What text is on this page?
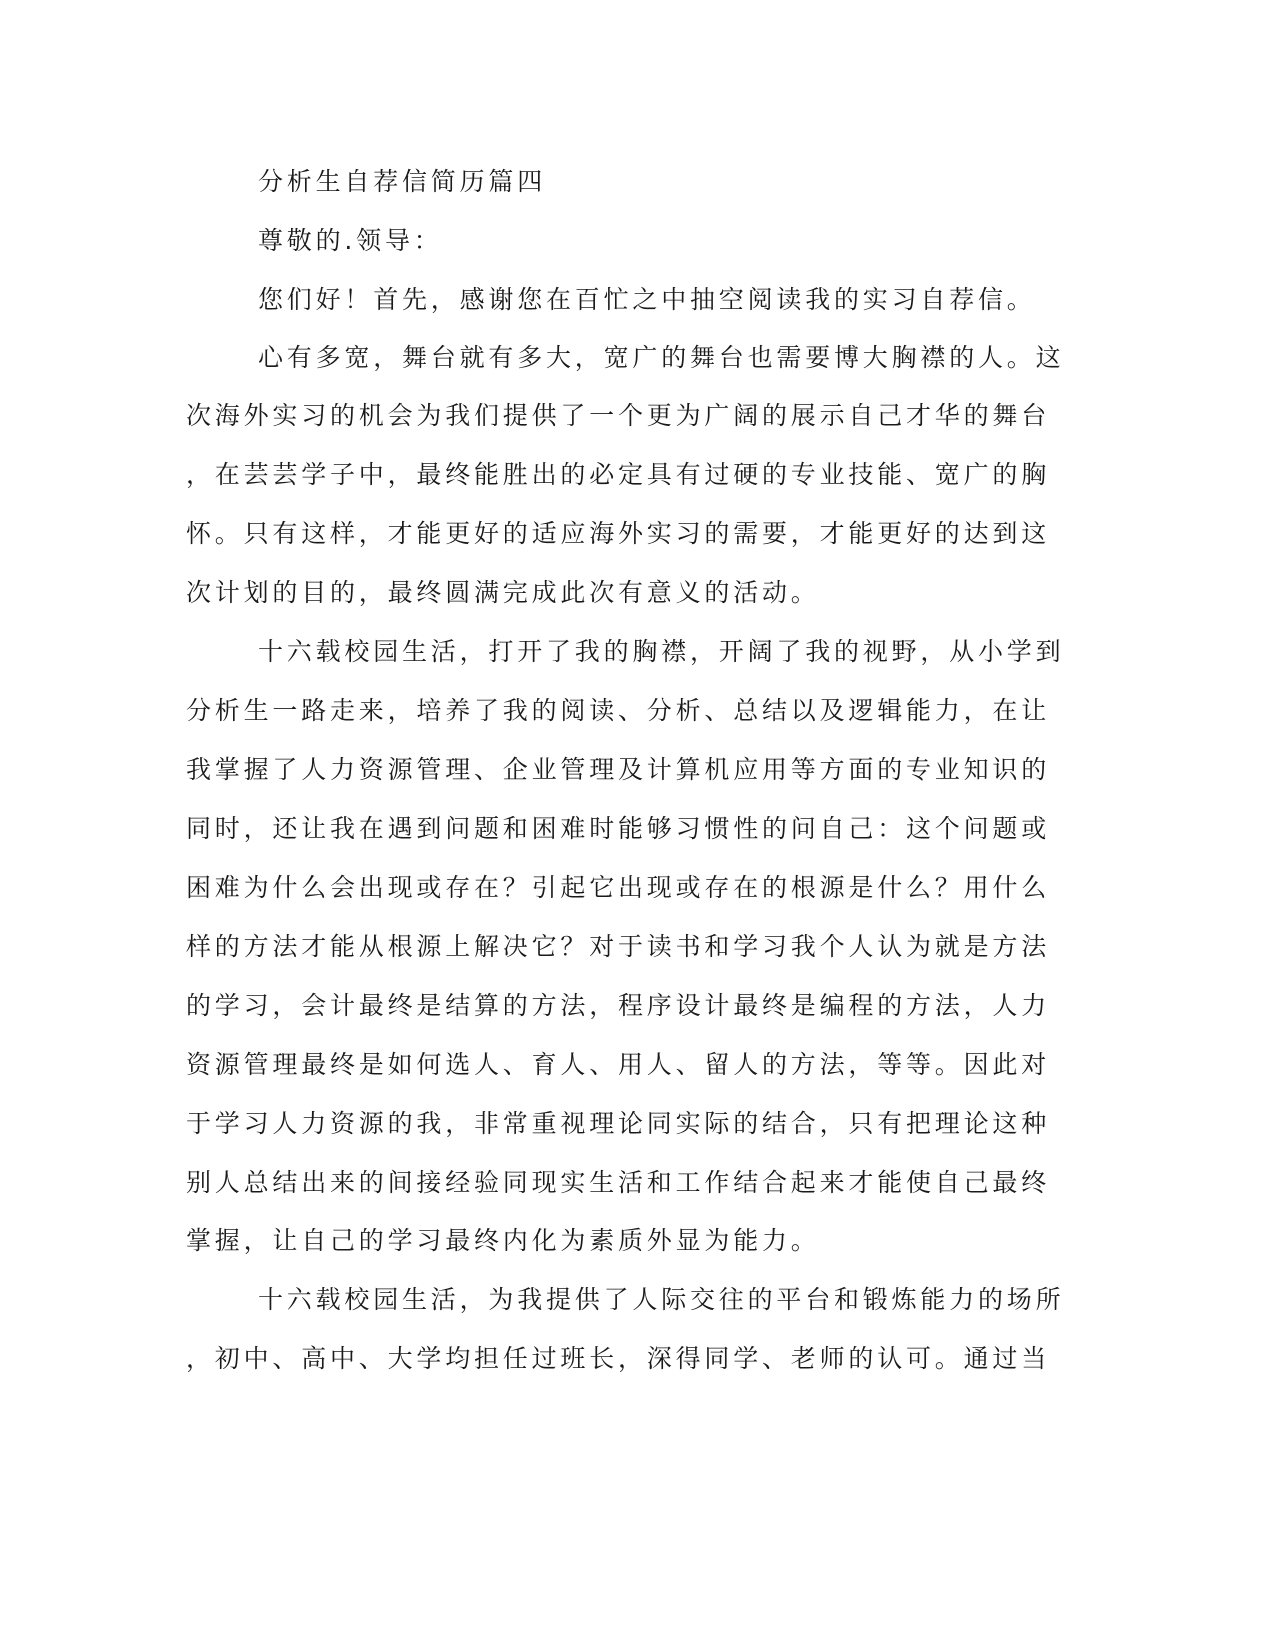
分析生自荐信简历篇四
尊敬的.领导：
您们好！首先，感谢您在百忙之中抽空阅读我的实习自荐信。
心有多宽，舞台就有多大，宽广的舞台也需要博大胸襟的人。这
次海外实习的机会为我们提供了一个更为广阔的展示自己才华的舞台
，在芸芸学子中，最终能胜出的必定具有过硬的专业技能、宽广的胸
怀。只有这样，才能更好的适应海外实习的需要，才能更好的达到这
次计划的目的，最终圆满完成此次有意义的活动。
十六载校园生活，打开了我的胸襟，开阔了我的视野，从小学到
分析生一路走来，培养了我的阅读、分析、总结以及逻辑能力，在让
我掌握了人力资源管理、企业管理及计算机应用等方面的专业知识的
同时，还让我在遇到问题和困难时能够习惯性的问自己：这个问题或
困难为什么会出现或存在？引起它出现或存在的根源是什么？用什么
样的方法才能从根源上解决它？对于读书和学习我个人认为就是方法
的学习，会计最终是结算的方法，程序设计最终是编程的方法，人力
资源管理最终是如何选人、育人、用人、留人的方法，等等。因此对
于学习人力资源的我，非常重视理论同实际的结合，只有把理论这种
别人总结出来的间接经验同现实生活和工作结合起来才能使自己最终
掌握，让自己的学习最终内化为素质外显为能力。
十六载校园生活，为我提供了人际交往的平台和锻炼能力的场所
，初中、高中、大学均担任过班长，深得同学、老师的认可。通过当
